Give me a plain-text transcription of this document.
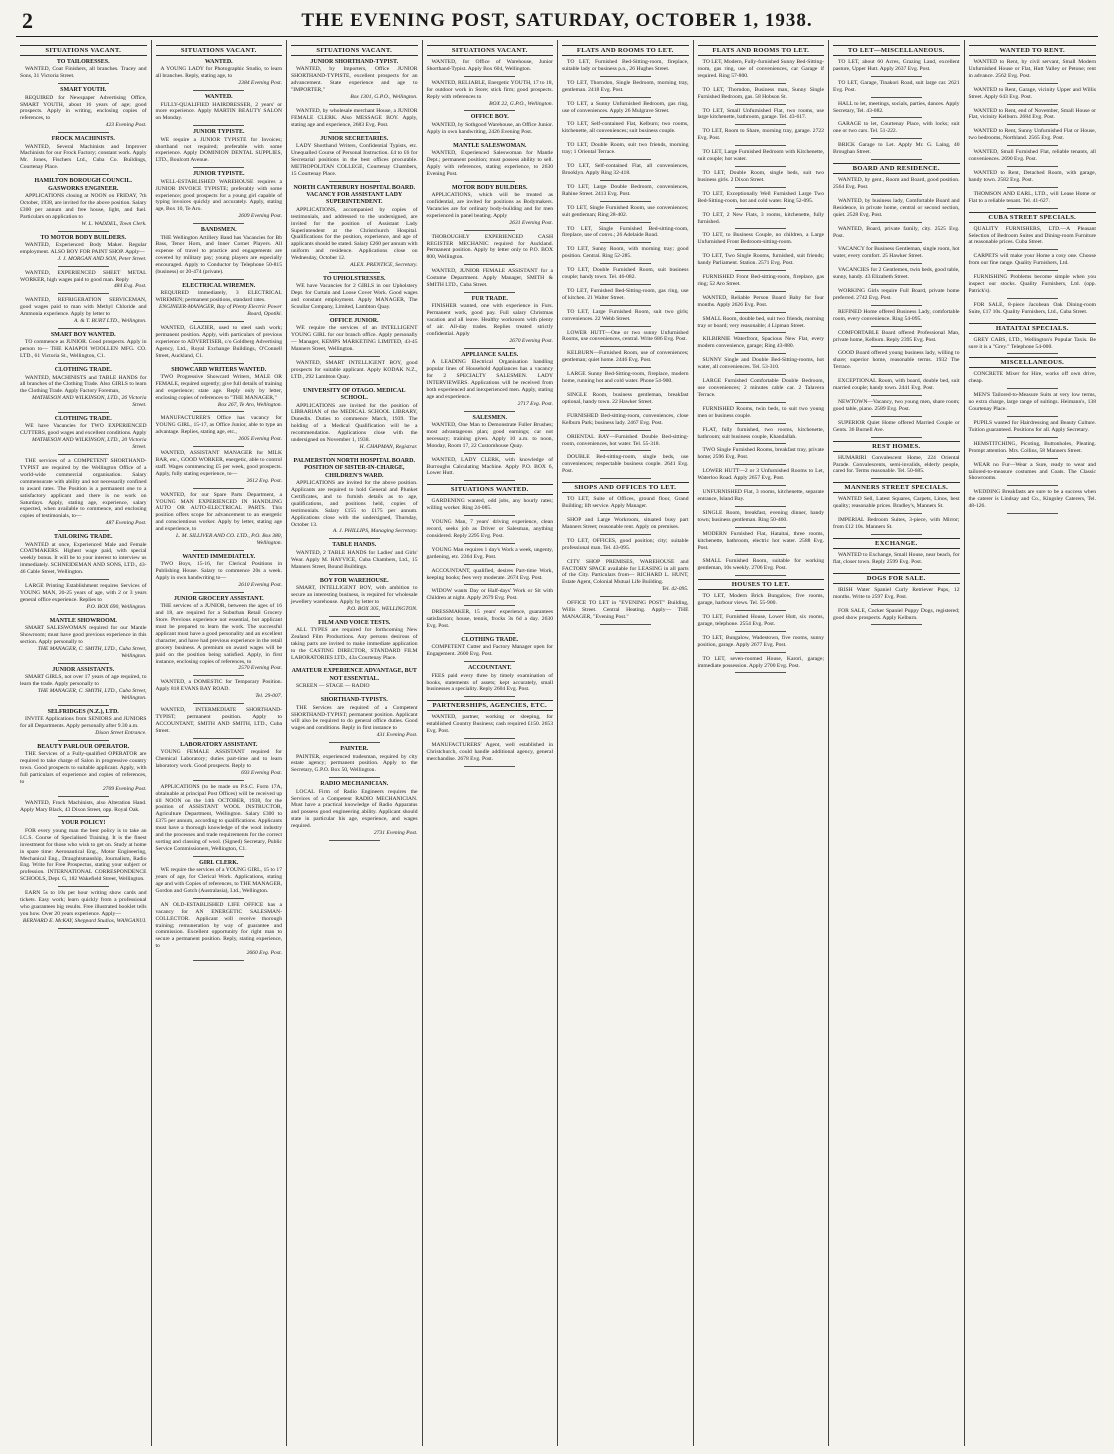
2	THE EVENING POST, SATURDAY, OCTOBER 1, 1938.
SITUATIONS VACANT.
TO TAILORESSES.
WANTED, Coat Finishers, all branches. Tracey and Sons, 31 Victoria Street.
SMART YOUTH.
REQUIRED for Newspaper Advertising Office, SMART YOUTH, about 16 years of age; good prospects. Apply in writing, enclosing copies of references, to
423 Evening Post.
FROCK MACHINISTS.
WANTED, Several Machinists and Improver Machinists for our Frock Factory; constant work. Apply Mr. Jones, Fischers Ltd., Cuba Co. Buildings, Courtenay Place.
HAMILTON BOROUGH COUNCIL. GASWORKS ENGINEER.
APPLICATIONS closing at NOON on FRIDAY, 7th October, 1938, are invited for the above position. Salary £300 per annum and free house, light, and fuel. Particulars on application to
W. L. WADDEL, Town Clerk.
TO MOTOR BODY BUILDERS.
WANTED, Experienced Body Maker. Regular employment. ALSO BOY FOR PAINT SHOP. Apply—
J. J. MORGAN AND SON, Peter Street.
WANTED, EXPERIENCED SHEET METAL WORKER, high wages paid to good man. Reply
484 Evg. Post.
WANTED, REFRIGERATION SERVICEMAN, good wages paid to man with Methyl Chloride and Ammonia experience. Apply by letter to
A. & T. BURT LTD., Wellington.
SMART BOY WANTED.
TO commence as JUNIOR. Good prospects. Apply in person to— THE KAIAPOI WOOLLEN MFG. CO. LTD., 61 Victoria St., Wellington, C1.
CLOTHING TRADE.
WANTED, MACHINISTS and TABLE HANDS for all branches of the Clothing Trade. Also GIRLS to learn the Clothing Trade. Apply Factory Foreman,
MATHESON AND WILKINSON, LTD., 26 Victoria Street.
CLOTHING TRADE.
WE have Vacancies for TWO EXPERIENCED CUTTERS, good wages and excellent conditions. Apply
MATHESON AND WILKINSON, LTD., 20 Victoria Street.
THE services of a COMPETENT SHORTHAND-TYPIST are required by the Wellington Office of a world-wide commercial organisation. Salary commensurate with ability and not necessarily confined to award rates. The Position is a permanent one to a satisfactory applicant and there is no work on Saturdays. Apply, stating age, experience, salary expected, when available to commence, and enclosing copies of testimonials, to—
487 Evening Post.
TAILORING TRADE.
WANTED at once, Experienced Male and Female COATMAKERS. Highest wage paid, with special weekly bonus. It will be to your interest to interview us immediately. SCHNEIDEMAN AND SONS, LTD., 43-46 Cable Street, Wellington.
LARGE Printing Establishment requires Services of YOUNG MAN, 20-25 years of age, with 2 or 3 years general office experience. Replies to
P.O. BOX 690, Wellington.
MANTLE SHOWROOM.
SMART SALESWOMAN required for our Mantle Showroom; must have good previous experience in this section. Apply personally to
THE MANAGER, C. SMITH, LTD., Cuba Street, Wellington.
JUNIOR ASSISTANTS.
SMART GIRLS, not over 17 years of age required, to learn the trade. Apply personally to
THE MANAGER, C. SMITH, LTD., Cuba Street, Wellington.
SELFRIDGES (N.Z.), LTD.
INVITE Applications from SENIORS and JUNIORS for all Departments. Apply personally after 9.30 a.m.
Dixon Street Entrance.
BEAUTY PARLOUR OPERATOR.
THE Services of a Fully-qualified OPERATOR are required to take charge of Salon in progressive country town. Good prospects to suitable applicant. Apply, with full particulars of experience and copies of references, to
2709 Evening Post.
WANTED, Frock Machinists, also Alteration Hand. Apply Mary Black, 43 Dixon Street, opp. Royal Oak.
YOUR POLICY!
FOR every young man the best policy is to take an I.C.S. Course of Specialised Training. It is the finest investment for those who wish to get on. Study at home in spare time: Aeronautical Eng., Motor Engineering, Mechanical Eng., Draughtsmanship, Journalism, Radio Eng. Write for Free Prospectus, stating your subject or profession. INTERNATIONAL CORRESPONDENCE SCHOOLS, Dept. G, 182 Wakefield Street, Wellington.
EARN 5s to 10s per hour writing show cards and tickets. Easy work; learn quickly from a professional who guarantees big results. Free illustrated booklet tells you how. Over 20 years experience. Apply—
BERNARD E. McKAY, Sheppard Studios, WANGANUI.
SITUATIONS VACANT.
WANTED.
A YOUNG LADY for Photographic Studio, to learn all branches. Reply, stating age, to
2384 Evening Post.
WANTED.
FULLY-QUALIFIED HAIRDRESSER, 2 years' or more experience. Apply MARTIN BEAUTY SALON on Monday.
JUNIOR TYPISTE.
WE require a JUNIOR TYPISTE for Invoices; shorthand not required; preferable with some experience. Apply DOMINION DENTAL SUPPLIES, LTD., Boulcott Avenue.
JUNIOR TYPISTE.
WELL-ESTABLISHED WAREHOUSE requires a JUNIOR INVOICE TYPISTE; preferably with some experience; good prospects for a young girl capable of typing invoices quickly and accurately. Apply, stating age, Box 10, Te Aro.
2609 Evening Post.
BANDSMEN.
THE Wellington Artillery Band has Vacancies for Bb Bass, Tenor Horn, and Inner Cornet Players. All expense of travel to practice and engagements are covered by military pay; young players are especially encouraged. Apply to Conductor by Telephone 50-815 (business) or 20-474 (private).
ELECTRICAL WIREMEN.
REQUIRED immediately, 3 ELECTRICAL WIREMEN; permanent positions, standard rates.
ENGINEER-MANAGER, Bay of Plenty Electric Power Board, Opotiki.
WANTED, GLAZIER, used to steel sash work; permanent position. Apply, with particulars of previous experience to ADVERTISER, c/o Goldberg Advertising Agency, Ltd., Royal Exchange Buildings, O'Connell Street, Auckland, C1.
SHOWCARD WRITERS WANTED.
TWO Progressive Showcard Writers, MALE OR FEMALE, required urgently; give full details of training and experience; state age. Reply only by letter, enclosing copies of references to "THE MANAGER,"
Box 267, Te Aro, Wellington.
MANUFACTURER'S Office has vacancy for YOUNG GIRL, 15-17, as Office Junior, able to type an advantage. Replies, stating age, etc.,
2605 Evening Post.
WANTED, ASSISTANT MANAGER for MILK BAR, etc., GOOD WORKER, energetic, able to control staff. Wages commencing £5 per week, good prospects. Apply, fully stating experience, to—
2612 Evg. Post.
WANTED, for our Spare Parts Department, a YOUNG MAN EXPERIENCED IN HANDLING AUTO OR AUTO-ELECTRICAL PARTS. This position offers scope for advancement to an energetic and conscientious worker. Apply by letter, stating age and experience, to
L. M. SILLIVER AND CO. LTD., P.O. Box 380, Wellington.
WANTED IMMEDIATELY.
TWO Boys, 15-16, for Clerical Positions in Publishing House. Salary to commence 20s a week. Apply in own handwriting to—
2610 Evening Post.
JUNIOR GROCERY ASSISTANT.
THE services of a JUNIOR, between the ages of 16 and 18, are required for a Suburban Retail Grocery Store. Previous experience not essential, but applicant must be prepared to learn the work. The successful applicant must have a good personality and an excellent character, and have had previous experience in the retail grocery business. A premium on award wages will be paid on the position being satisfied. Apply, in first instance, enclosing copies of references, to
2570 Evening Post.
WANTED, a DOMESTIC for Temporary Position. Apply 818 EVANS BAY ROAD.
Tel. 29-007.
WANTED, INTERMEDIATE SHORTHAND-TYPIST; permanent position. Apply to ACCOUNTANT, SMITH AND SMITH, LTD., Cuba Street.
LABORATORY ASSISTANT.
YOUNG FEMALE ASSISTANT required for Chemical Laboratory; duties part-time and to learn laboratory work. Good prospects. Reply to
693 Evening Post.
APPLICATIONS (to be made on P.S.C. Form 17A, obtainable at principal Post Offices) will be received up till NOON on the 14th OCTOBER, 1938, for the position of ASSISTANT WOOL INSTRUCTOR, Agriculture Department, Wellington. Salary £300 to £375 per annum, according to qualifications. Applicants must have a thorough knowledge of the wool industry and the processes and trade requirements for the correct sorting and classing of wool. (Signed) Secretary, Public Service Commissioners, Wellington, C1.
GIRL CLERK.
WE require the services of a YOUNG GIRL, 15 to 17 years of age, for Clerical Work. Applications, stating age and with Copies of references, to THE MANAGER, Gordon and Gotch (Australasia), Ltd., Wellington.
AN OLD-ESTABLISHED LIFE OFFICE has a vacancy for AN ENERGETIC SALESMAN-COLLECTOR. Applicant will receive thorough training; remuneration by way of guarantee and commission. Excellent opportunity for right man to secure a permanent position. Reply, stating experience, to
2660 Evg. Post.
SITUATIONS VACANT.
JUNIOR SHORTHAND-TYPIST.
WANTED, by Importers, Office JUNIOR SHORTHAND-TYPISTE, excellent prospects for an advancement. State experience and age to "IMPORTER,"
Box 1301, G.P.O., Wellington.
WANTED, by wholesale merchant House, a JUNIOR FEMALE CLERK. Also MESSAGE BOY. Apply, stating age and experience, 2683 Evg. Post.
JUNIOR SECRETARIES.
LADY Shorthand Writers, Confidential Typists, etc. Unequalled Course of Personal Instruction. £4 to £6 for Secretarial positions in the best offices procurable. METROPOLITAN COLLEGE, Courtenay Chambers, 15 Courtenay Place.
NORTH CANTERBURY HOSPITAL BOARD. VACANCY FOR ASSISTANT LADY SUPERINTENDENT.
APPLICATIONS, accompanied by copies of testimonials, and addressed to the undersigned, are invited for the position of Assistant Lady Superintendent at the Christchurch Hospital. Qualifications for the position, experience, and age of applicants should be stated. Salary £260 per annum with uniform and residence. Applications close on Wednesday, October 12.
ALEX. PRENTICE, Secretary.
TO UPHOLSTRESSES.
WE have Vacancies for 2 GIRLS in our Upholstery Dept. for Curtain and Loose Cover Work. Good wages and constant employment. Apply MANAGER, The Scoullar Company, Limited, Lambton Quay.
OFFICE JUNIOR.
WE require the services of an INTELLIGENT YOUNG GIRL for our branch office. Apply personally— Manager, KEMPS MARKETING LIMITED, 43-45 Manners Street, Wellington.
WANTED, SMART INTELLIGENT BOY, good prospects for suitable applicant. Apply KODAK N.Z., LTD., 292 Lambton Quay.
UNIVERSITY OF OTAGO. MEDICAL SCHOOL.
APPLICATIONS are invited for the position of LIBRARIAN of the MEDICAL SCHOOL LIBRARY, Dunedin. Duties to commence March, 1939. The holding of a Medical Qualification will be a recommendation. Applications close with the undersigned on November 1, 1938.
H. CHAPMAN, Registrar.
PALMERSTON NORTH HOSPITAL BOARD. POSITION OF SISTER-IN-CHARGE, CHILDREN'S WARD.
APPLICATIONS are invited for the above position. Applicants are required to hold General and Plunket Certificates, and to furnish details as to age, qualifications, and positions held, copies of testimonials. Salary £155 to £175 per annum. Applications close with the undersigned, Thursday, October 13.
A. J. PHILLIPS, Managing Secretary.
TABLE HANDS.
WANTED, 2 TABLE HANDS for Ladies' and Girls' Wear. Apply M. HAYVICE, Cuba Chambers, Ltd., 15 Manners Street, Bound Buildings.
BOY FOR WAREHOUSE.
SMART, INTELLIGENT BOY, with ambition to secure an interesting business, is required for wholesale jewellery warehouse. Apply by letter to
P.O. BOX 305, WELLINGTON.
FILM AND VOICE TESTS.
ALL TYPES are required for forthcoming New Zealand Film Productions. Any persons desirous of taking parts are invited to make immediate application to the CASTING DIRECTOR, STANDARD FILM LABORATORIES LTD., 43a Courtenay Place.
AMATEUR EXPERIENCE ADVANTAGE, BUT NOT ESSENTIAL.
SCREEN — STAGE — RADIO
SHORTHAND-TYPISTS.
THE Services are required of a Competent SHORTHAND-TYPIST; permanent position. Applicant will also be required to do general office duties. Good wages and conditions. Reply in first instance to
431 Evening Post.
PAINTER.
PAINTER, experienced tradesman, required by city estate agency; permanent position. Apply to the Secretary, G.P.O. Box 50, Wellington.
RADIO MECHANICIAN.
LOCAL Firm of Radio Engineers requires the Services of a Competent RADIO MECHANICIAN. Must have a practical knowledge of Radio Apparatus and possess good engineering ability. Applicant should state in particular his age, experience, and wages required.
2731 Evening Post.
SITUATIONS VACANT.
WANTED, for Office of Warehouse, Junior Shorthand-Typist. Apply Box 604, Wellington.
WANTED, RELIABLE, Energetic YOUTH, 17 to 18, for outdoor work in Store; stick firm; good prospects. Reply with references to
BOX 22, G.P.O., Wellington.
OFFICE BOY.
WANTED, by Sothgood Warehouse, an Office Junior. Apply in own handwriting, 2426 Evening Post.
MANTLE SALESWOMAN.
WANTED, Experienced Saleswoman for Mantle Dept.; permanent position; must possess ability to sell. Apply with references, stating experience, to 2630 Evening Post.
MOTOR BODY BUILDERS.
APPLICATIONS, which will be treated as confidential, are invited for positions as Bodymakers. Vacancies are for ordinary body-building and for men experienced in panel beating. Apply
2631 Evening Post.
THOROUGHLY EXPERIENCED CASH REGISTER MECHANIC required for Auckland. Permanent position. Apply by letter only to P.O. BOX 800, Wellington.
WANTED, JUNIOR FEMALE ASSISTANT for a Costume Department. Apply Manager, SMITH & SMITH LTD., Cuba Street.
FUR TRADE.
FINISHER wanted, one with experience in Furs. Permanent work, good pay. Full salary Christmas vacation and all leave. Healthy workroom with plenty of air. All-day trades. Replies treated strictly confidential. Apply
2670 Evening Post.
APPLIANCE SALES.
A LEADING Electrical Organisation handling popular lines of Household Appliances has a vacancy for 2 SPECIALTY SALESMEN. LADY INTERVIEWERS. Applications will be received from both experienced and inexperienced men. Apply, stating age and experience.
2717 Evg. Post.
SALESMEN.
WANTED, One Man to Demonstrate Fuller Brushes; most advantageous plan; good earnings; car not necessary; training given. Apply 10 a.m. to noon, Monday, Room 17, 22 Customhouse Quay.
WANTED, LADY CLERK, with knowledge of Burroughs Calculating Machine. Apply P.O. BOX 6, Lower Hutt.
SITUATIONS WANTED.
GARDENING wanted, odd jobs, any hourly rates; willing worker. Ring 24-085.
YOUNG Man, 7 years' driving experience, clean record, seeks job as Driver or Salesman, anything considered. Reply 2295 Evg. Post.
YOUNG Man requires 1 day's Work a week, ungenty, gardening, etc. 2364 Evg. Post.
ACCOUNTANT, qualified, desires Part-time Work, keeping books; fees very moderate. 2674 Evg. Post.
WIDOW wants Day or Half-days' Work or Sit with Children at night. Apply 2679 Evg. Post.
DRESSMAKER, 15 years' experience, guarantees satisfaction; house, tennis, frocks 3s 6d a day. 2630 Evg. Post.
CLOTHING TRADE.
COMPETENT Cutter and Factory Manager open for Engagement. 2600 Evg. Post.
ACCOUNTANT.
FEES paid every three by timely examination of books, statements of assets; kept accurately, small businesses a speciality. Reply 2604 Evg. Post.
PARTNERSHIPS, AGENCIES, ETC.
WANTED, partner, working or sleeping, for established Country Business; cash required £150. 2653 Evg. Post.
MANUFACTURERS' Agent, well established in Christchurch, could handle additional agency, general merchandise. 2678 Evg. Post.
FLATS AND ROOMS TO LET.
TO LET, Furnished Bed-Sitting-room, fireplace, suitable lady or business p.n., 26 Hughes Street.
TO LET, Thorndon, Single Bedroom, morning tray, gentleman. 2418 Evg. Post.
TO LET, a Sunny Unfurnished Bedroom, gas ring, use of conveniences. Apply 26 Mulgrave Street.
TO LET, Self-contained Flat, Kelburn; two rooms, kitchenette, all conveniences; suit business couple.
TO LET, Double Room, suit two friends, morning tray; 1 Oriental Terrace.
TO LET, Self-contained Flat, all conveniences, Brooklyn. Apply Ring 32-418.
TO LET, Large Double Bedroom, conveniences, Rahine Street. 2413 Evg. Post.
TO LET, Single Furnished Room, use conveniences; suit gentleman; Ring 28-402.
TO LET, Single Furnished Bed-sitting-room, fireplace, use of convs.; 26 Adelaide Road.
TO LET, Sunny Room, with morning tray; good position. Central. Ring 52-285.
TO LET, Double Furnished Room, suit business couple; handy town. Tel. 46-082.
TO LET, Furnished Bed-Sitting-room, gas ring, use of kitchen. 21 Walter Street.
TO LET, Large Furnished Room, suit two girls; conveniences. 22 Webb Street.
LOWER HUTT—One or two sunny Unfurnished Rooms, use conveniences, central. Write 686 Evg. Post.
KELBURN—Furnished Room, use of conveniences; gentleman; quiet home. 2446 Evg. Post.
LARGE Sunny Bed-Sitting-room, fireplace, modern home, running hot and cold water. Phone 54-900.
SINGLE Room, business gentleman, breakfast optional, handy town. 22 Hawker Street.
FURNISHED Bed-sitting-room, conveniences, close Kelburn Park; business lady. 2467 Evg. Post.
ORIENTAL BAY—Furnished Double Bed-sitting-room, conveniences, hot water. Tel. 55-318.
DOUBLE Bed-sitting-room, single beds, use conveniences; respectable business couple. 2641 Evg. Post.
SHOPS AND OFFICES TO LET.
TO LET, Suite of Offices, ground floor, Grand Building; lift service. Apply Manager.
SHOP and Large Workroom, situated busy part Manners Street; reasonable rent. Apply on premises.
TO LET, OFFICES, good position; city; suitable professional man. Tel. 43-095.
CITY SHOP PREMISES, WAREHOUSE and FACTORY SPACE available for LEASING in all parts of the City. Particulars from— RICHARD L. HUNT, Estate Agent, Colonial Mutual Life Building.
Tel. 42-095.
OFFICE TO LET in "EVENING POST" Building, Willis Street. Central Heating. Apply— THE MANAGER, "Evening Post."
FLATS AND ROOMS TO LET.
TO LET, Modern, Fully-furnished Sunny Bed-Sitting-room, gas ring, use of conveniences, car Garage if required. Ring 57-800.
TO LET, Thorndon, Business man, Sunny Single Furnished Bedroom, gas. 58 Hobson St.
TO LET, Small Unfurnished Flat, two rooms, use large kitchenette, bathroom, garage. Tel. 43-617.
TO LET, Room to Share, morning tray, garage. 2722 Evg. Post.
TO LET, Large Furnished Bedroom with Kitchenette, suit couple; hot water.
TO LET, Double Room, single beds, suit two business girls. 2 Dixon Street.
TO LET, Exceptionally Well Furnished Large Two Bed-Sitting-room, hot and cold water. Ring 52-095.
TO LET, 2 New Flats, 3 rooms, kitchenette, fully furnished.
TO LET, to Business Couple, no children, a Large Unfurnished Front Bedroom-sitting-room.
TO LET, Two Single Rooms, furnished, suit friends; handy Parliament. Station. 2571 Evg. Post.
FURNISHED Front Bed-sitting-room, fireplace, gas ring; 52 Aro Street.
WANTED, Reliable Person Board Baby for four months. Apply 2626 Evg. Post.
SMALL Room, double bed, suit two friends, morning tray or board; very reasonable; 4 Lipman Street.
KILBIRNIE Waterfront, Spacious New Flat, every modern convenience, garage; Ring 43-880.
SUNNY Single and Double Bed-Sitting-rooms, hot water, all conveniences. Tel. 53-310.
LARGE Furnished Comfortable Double Bedroom, use conveniences; 2 minutes cable car. 2 Talavera Terrace.
FURNISHED Rooms, twin beds, to suit two young men or business couple.
FLAT, fully furnished, two rooms, kitchenette, bathroom; suit business couple, Khandallah.
TWO Single Furnished Rooms, breakfast tray, private home; 2596 Evg. Post.
LOWER HUTT—2 or 3 Unfurnished Rooms to Let, Waterloo Road. Apply 2657 Evg. Post.
UNFURNISHED Flat, 3 rooms, kitchenette, separate entrance, Island Bay.
SINGLE Room, breakfast, evening dinner, handy town; business gentleman. Ring 50-460.
MODERN Furnished Flat, Hataitai, three rooms, kitchenette, bathroom, electric hot water. 2588 Evg. Post.
SMALL Furnished Room, suitable for working gentleman, 10s weekly. 2706 Evg. Post.
HOUSES TO LET.
TO LET, Modern Brick Bungalow, five rooms, garage, harbour views. Tel. 55-900.
TO LET, Furnished House, Lower Hutt, six rooms, garage, telephone. 2554 Evg. Post.
TO LET, Bungalow, Wadestown, five rooms, sunny position, garage. Apply 2677 Evg. Post.
TO LET, seven-roomed House, Karori, garage; immediate possession. Apply 2700 Evg. Post.
TO LET—MISCELLANEOUS.
TO LET, about 60 Acres, Grazing Land, excellent pasture, Upper Hutt. Apply 2637 Evg. Post.
TO LET, Garage, Tinakori Road, suit large car. 2621 Evg. Post.
HALL to let, meetings, socials, parties, dances. Apply Secretary, Tel. 43-082.
GARAGE to let, Courtenay Place, with locks; suit one or two cars. Tel. 51-222.
BRICK Garage to Let. Apply Mr. G. Laing, 40 Broughan Street.
BOARD AND RESIDENCE.
WANTED, by gent., Room and Board, good position. 2564 Evg. Post.
WANTED, by business lady, Comfortable Board and Residence, in private home, central or second section, quiet. 2528 Evg. Post.
WANTED, Board, private family, city. 2525 Evg. Post.
VACANCY for Business Gentleman, single room, hot water, every comfort. 25 Hawker Street.
VACANCIES for 2 Gentlemen, twin beds, good table, sunny, handy. 43 Elizabeth Street.
WORKING Girls require Full Board, private home preferred. 2742 Evg. Post.
REFINED Home offered Business Lady, comfortable room, every convenience. Ring 54-095.
COMFORTABLE Board offered Professional Man, private home, Kelburn. Reply 2395 Evg. Post.
GOOD Board offered young business lady, willing to share; superior home, reasonable terms. 1932 The Terrace.
EXCEPTIONAL Room, with board, double bed, suit married couple; handy town. 2441 Evg. Post.
NEWTOWN—Vacancy, two young men, share room; good table, piano. 2589 Evg. Post.
SUPERIOR Quiet Home offered Married Couple or Gents. 36 Burnell Ave.
REST HOMES.
HUMARIRI Convalescent Home, 224 Oriental Parade. Convalescents, semi-invalids, elderly people, cared for. Terms reasonable. Tel. 50-685.
MANNERS STREET SPECIALS.
WANTED Sell, Latest Squares, Carpets, Linos, best quality; reasonable prices. Bradley's, Manners St.
IMPERIAL Bedroom Suites, 3-piece, with Mirror; from £12 10s. Manners St.
EXCHANGE.
WANTED to Exchange, Small House, near beach, for flat, closer town. Reply 2599 Evg. Post.
DOGS FOR SALE.
IRISH Water Spaniel Curly Retriever Pups, 12 months. Write to 2597 Evg. Post.
FOR SALE, Cocker Spaniel Puppy Dogs, registered; good show prospects. Apply Kelburn.
WANTED TO RENT.
WANTED to Rent, by civil servant, Small Modern Unfurnished House or Flat, Hutt Valley or Petone; rent in advance. 2562 Evg. Post.
WANTED to Rent, Garage, vicinity Upper and Willis Street. Apply 643 Evg. Post.
WANTED to Rent, end of November, Small House or Flat, vicinity Kelburn. 2684 Evg. Post.
WANTED to Rent, Sunny Unfurnished Flat or House, two bedrooms, Northland. 2565 Evg. Post.
WANTED, Small Furnished Flat, reliable tenants, all conveniences. 2690 Evg. Post.
WANTED to Rent, Detached Room, with garage, handy town. 2582 Evg. Post.
THOMSON AND EARL, LTD., will Lease Home or Flat to a reliable tenant. Tel. 41-627.
CUBA STREET SPECIALS.
QUALITY FURNISHERS, LTD.—A Pleasant Selection of Bedroom Suites and Dining-room Furniture at reasonable prices. Cuba Street.
CARPETS will make your Home a cosy one. Choose from our fine range. Quality Furnishers, Ltd.
FURNISHING Problems become simple when you inspect our stocks. Quality Furnishers, Ltd. (opp. Patrick's).
FOR SALE, 8-piece Jacobean Oak Dining-room Suite, £17 10s. Quality Furnishers, Ltd., Cuba Street.
HATAITAI SPECIALS.
GREY CABS, LTD., Wellington's Popular Taxis. Be sure it is a "Grey." Telephone 54-000.
MISCELLANEOUS.
CONCRETE Mixer for Hire, works off own drive, cheap.
MEN'S Tailored-to-Measure Suits at very low terms, no extra charge, large range of suitings. Heimann's, 138 Courtenay Place.
PUPILS wanted for Hairdressing and Beauty Culture. Tuition guaranteed. Positions for all. Apply Secretary.
HEMSTITCHING, Picoting, Buttonholes, Pleating. Prompt attention. Mrs. Collins, 58 Manners Street.
WEAR no Fur—Wear a Sure, ready to wear and tailored-to-measure costumes and Coats. The Classic Showrooms.
WEDDING Breakfasts are sure to be a success when the caterer is Lindsay and Co., Kingsley Caterers, Tel. 48-126.
